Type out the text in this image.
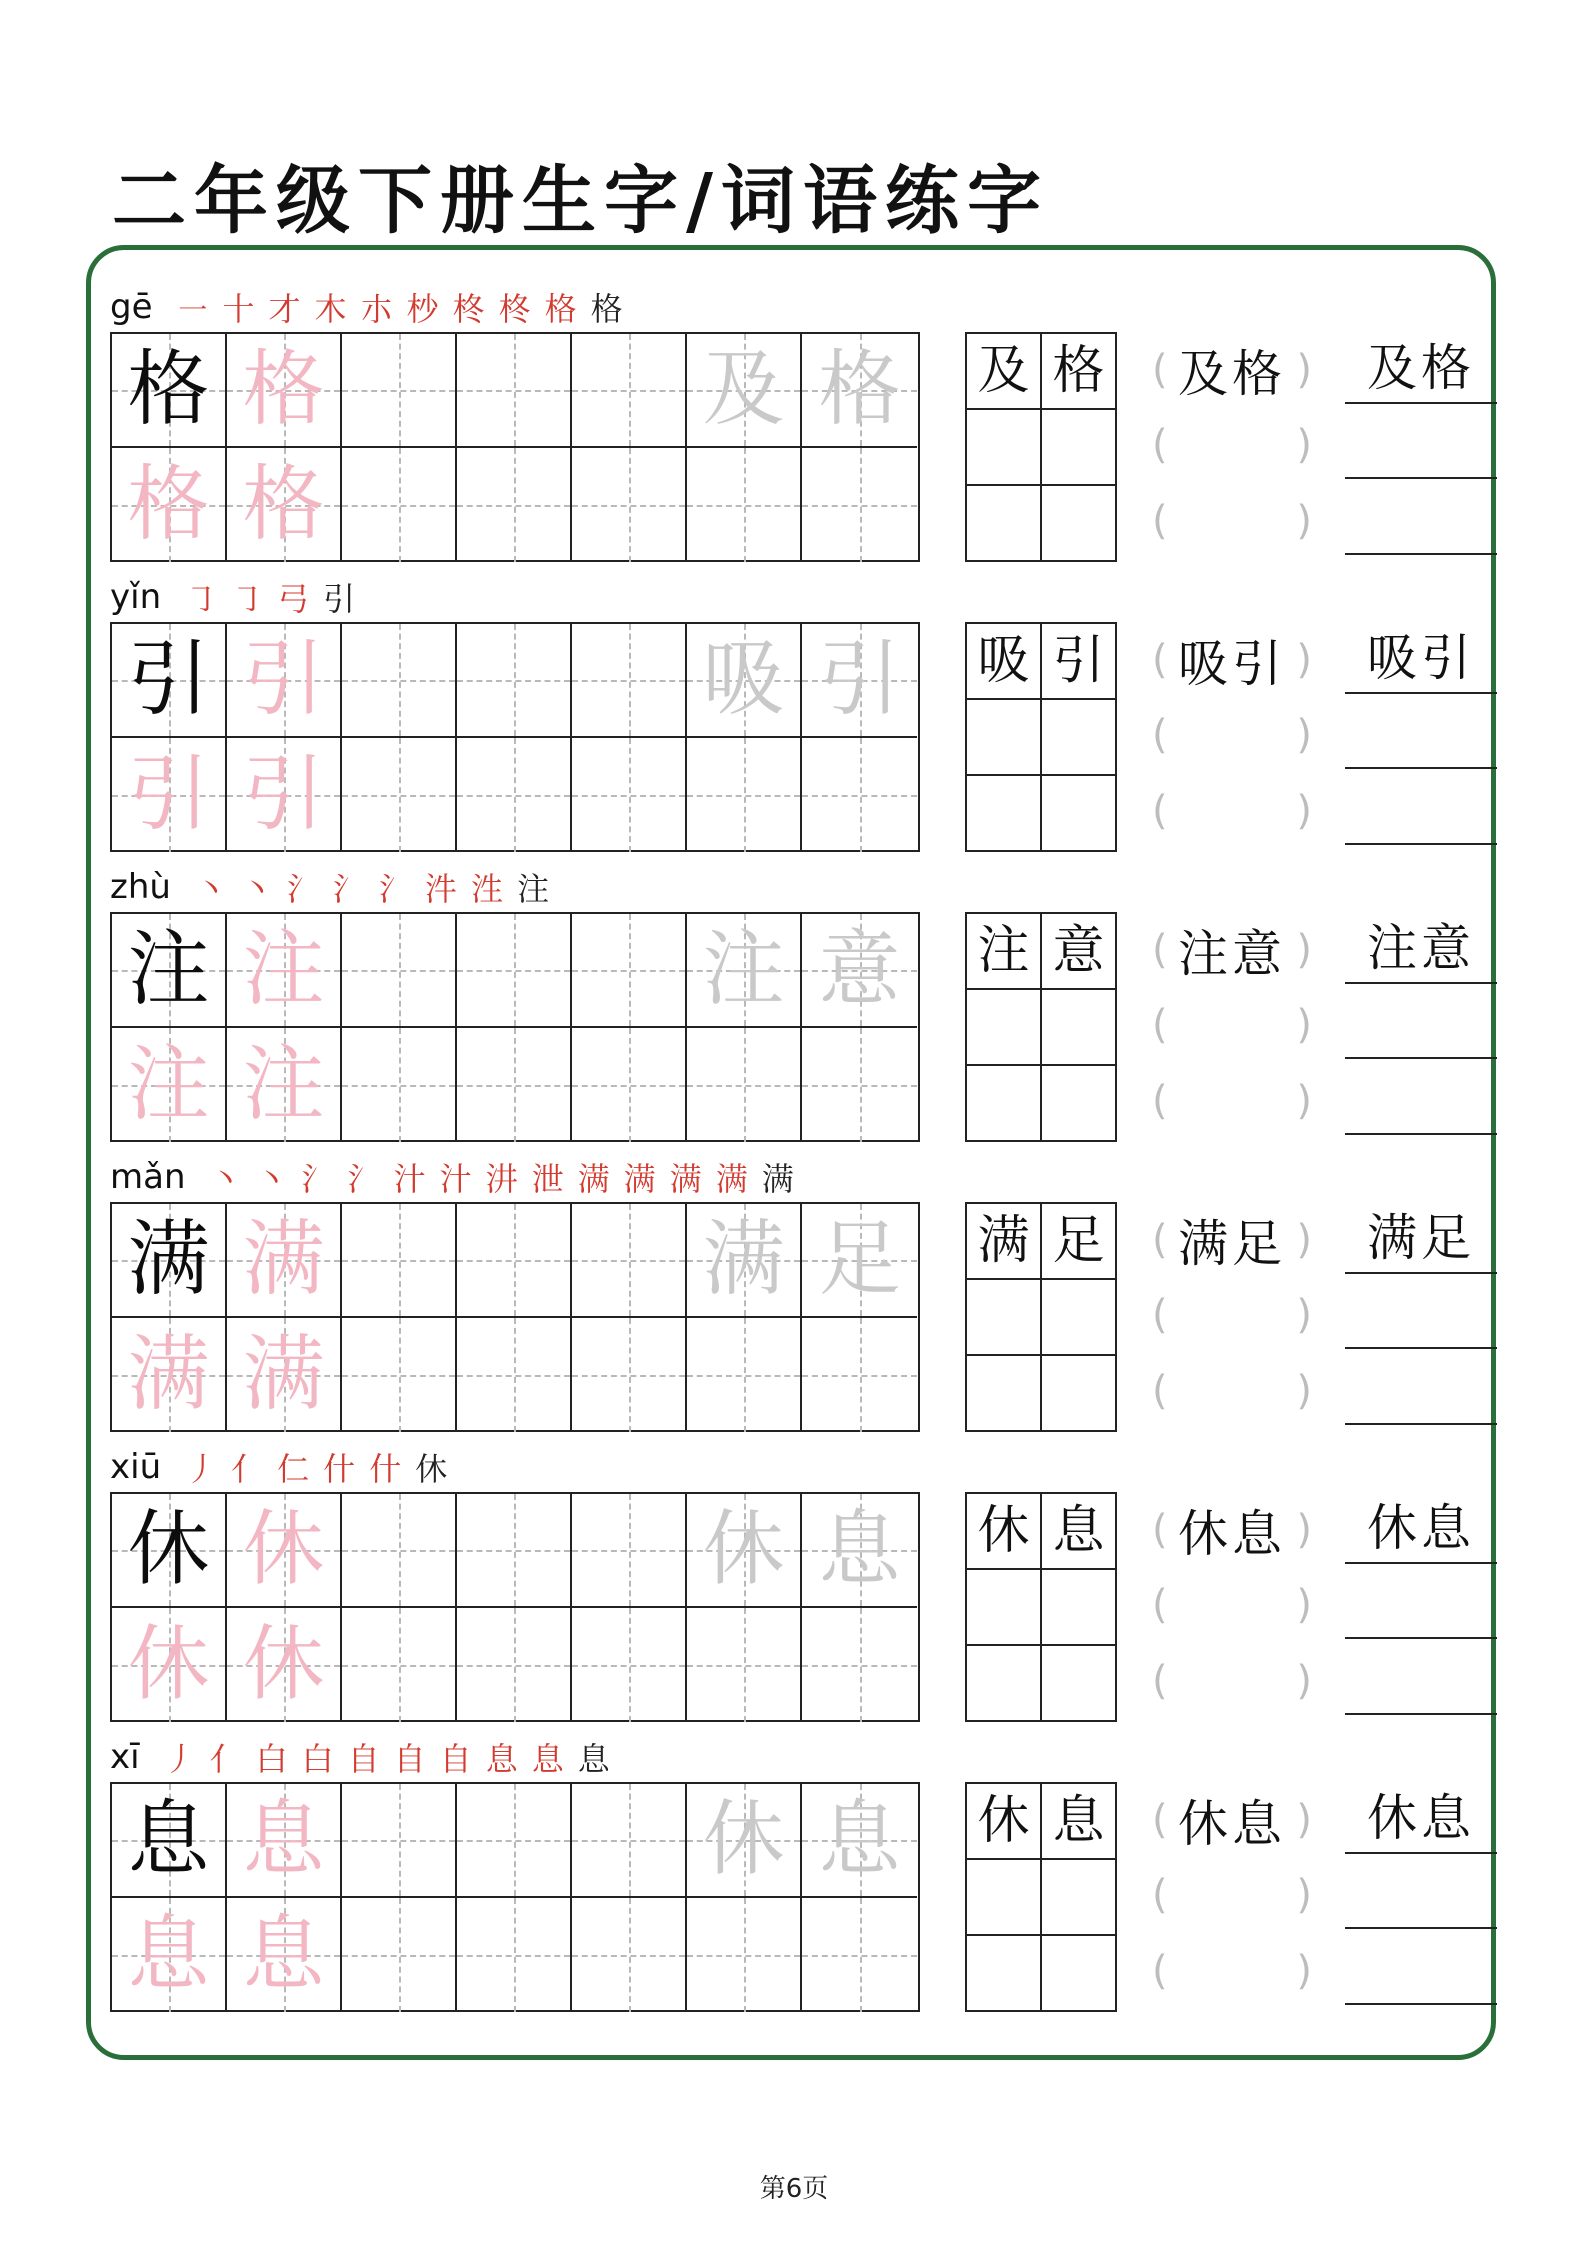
二年级下册生字/词语练字
gē ㇐ 十 才 木 朩 杪 柊 柊 格 格
格 格	及 格
格 格
及 格 ( 及格 )
(	)
(	)
及格
yǐn ㇆ ㇆ 弓 引
引 引	吸 引
引 引
吸 引 ( 吸引 )
(	)
(	)
吸引
zhù 丶 丶 氵 氵 氵 汼 泩 注
注 注	注 意
注 注
注 意 ( 注意 )
(	)
(	)
注意
mǎn 丶 丶 氵 氵 汁 汁 汫 泄 满 满 满 满 满
满 满	满 足
满 满
满 足 ( 满足 )
(	)
(	)
满足
xiū 丿 亻 仁 什 什 休
休 休	休 息
休 休
休 息 ( 休息 )
(	)
(	)
休息
xī 丿 亻 白 白 自 自 自 息 息 息
息 息	休 息
息 息
休 息 ( 休息 )
(	)
(	)
休息
第6页
